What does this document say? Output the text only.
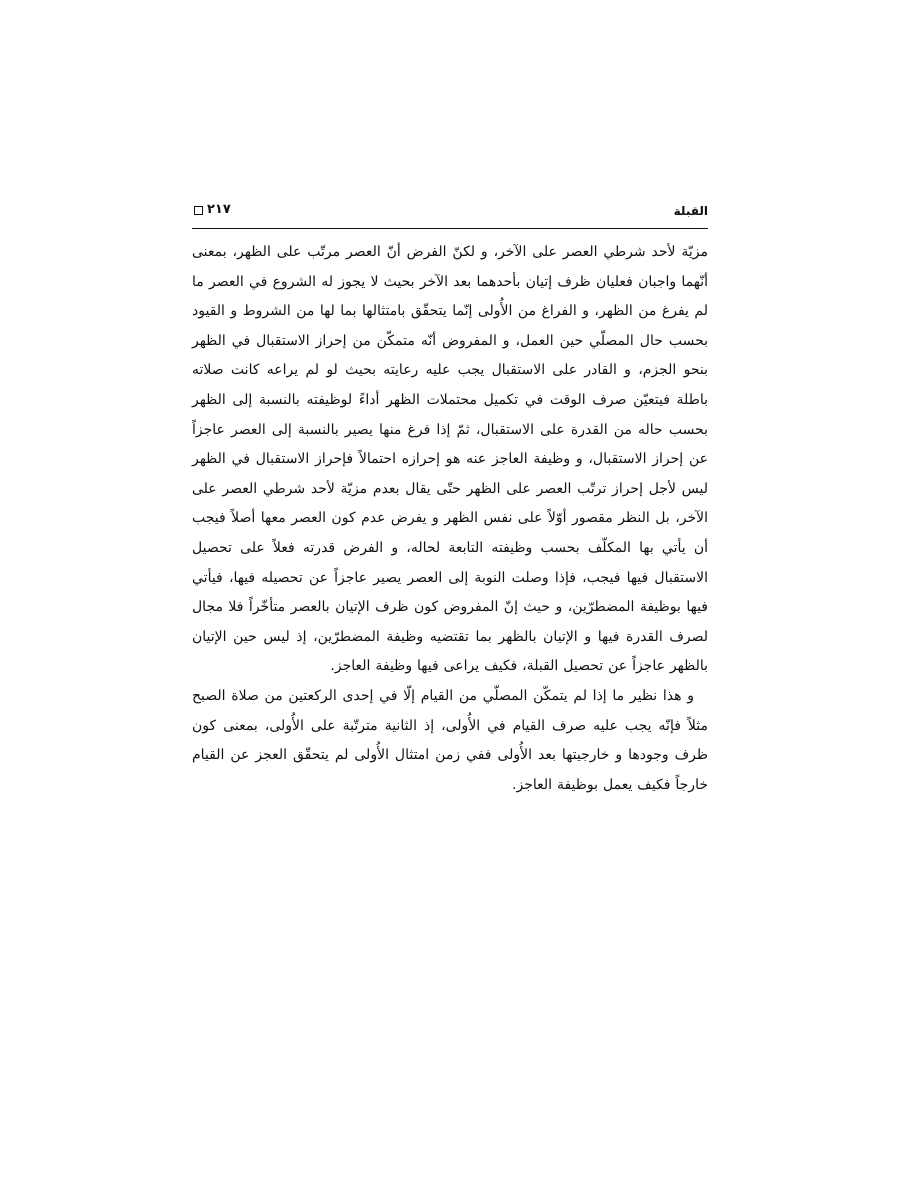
٢١٧	القبلة

مزيّة لأحد شرطي العصر على الآخر، و لكنّ الفرض أنّ العصر مرتّب على الظهر، بمعنى أنّهما واجبان فعليان ظرف إتيان بأحدهما بعد الآخر بحيث لا يجوز له الشروع في العصر ما لم يفرغ من الظهر، و الفراغ من الأُولى إنّما يتحقّق بامتثالها بما لها من الشروط و القيود بحسب حال المصلّي حين العمل، و المفروض أنّه متمكّن من إحراز الاستقبال في الظهر بنحو الجزم، و القادر على الاستقبال يجب عليه رعايته بحيث لو لم يراعه كانت صلاته باطلة فيتعيّن صرف الوقت في تكميل محتملات الظهر أداءً لوظيفته بالنسبة إلى الظهر بحسب حاله من القدرة على الاستقبال، ثمّ إذا فرغ منها يصير بالنسبة إلى العصر عاجزاً عن إحراز الاستقبال، و وظيفة العاجز عنه هو إحرازه احتمالاً فإحراز الاستقبال في الظهر ليس لأجل إحراز ترتّب العصر على الظهر حتّى يقال بعدم مزيّة لأحد شرطي العصر على الآخر، بل النظر مقصور أوّلاً على نفس الظهر و يفرض عدم كون العصر معها أصلاً فيجب أن يأتي بها المكلّف بحسب وظيفته التابعة لحاله، و الفرض قدرته فعلاً على تحصيل الاستقبال فيها فيجب، فإذا وصلت النوبة إلى العصر يصير عاجزاً عن تحصيله فيها، فيأتي فيها بوظيفة المضطرّين، و حيث إنّ المفروض كون ظرف الإتيان بالعصر متأخّراً فلا مجال لصرف القدرة فيها و الإتيان بالظهر بما تقتضيه وظيفة المضطرّين، إذ ليس حين الإتيان بالظهر عاجزاً عن تحصيل القبلة، فكيف يراعى فيها وظيفة العاجز.

و هذا نظير ما إذا لم يتمكّن المصلّي من القيام إلّا في إحدى الركعتين من صلاة الصبح مثلاً فإنّه يجب عليه صرف القيام في الأُولى، إذ الثانية مترتّبة على الأُولى، بمعنى كون ظرف وجودها و خارجيتها بعد الأُولى ففي زمن امتثال الأُولى لم يتحقّق العجز عن القيام خارجاً فكيف يعمل بوظيفة العاجز.
